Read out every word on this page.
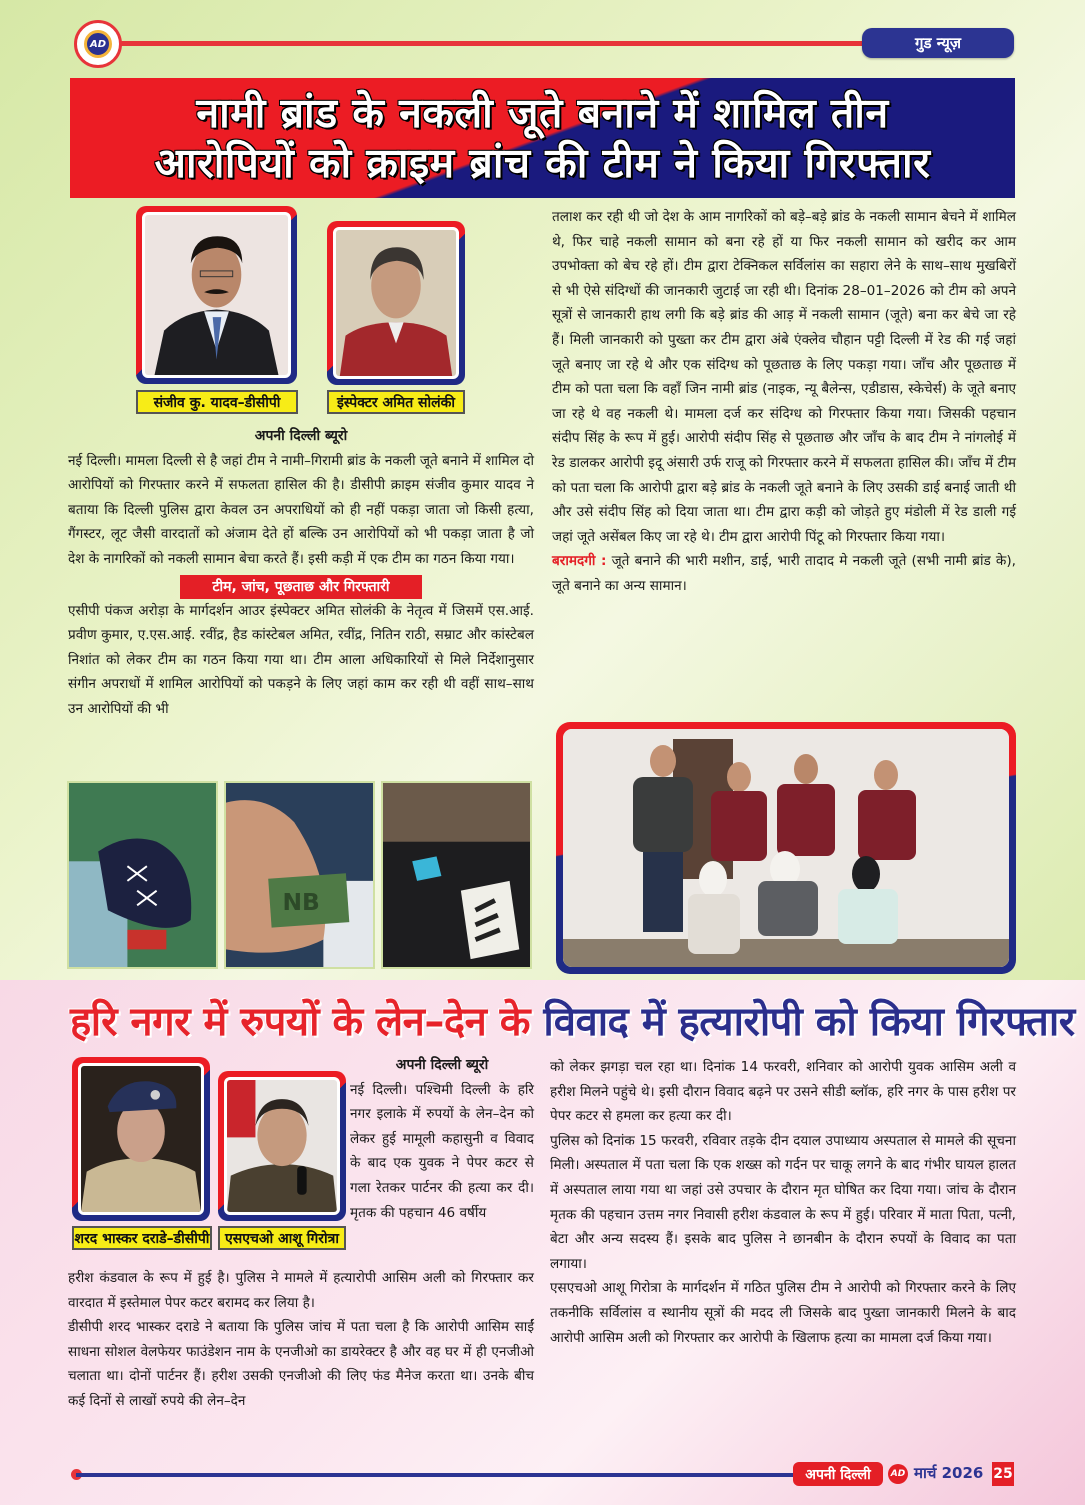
AD	गुड न्यूज़
नामी ब्रांड के नकली जूते बनाने में शामिल तीन
आरोपियों को क्राइम ब्रांच की टीम ने किया गिरफ्तार
संजीव कु. यादव–डीसीपी	इंस्पेक्टर अमित सोलंकी

अपनी दिल्ली ब्यूरो

नई दिल्ली। मामला दिल्ली से है जहां टीम ने नामी–गिरामी ब्रांड के नकली जूते बनाने में शामिल दो आरोपियों को गिरफ्तार करने में सफलता हासिल की है। डीसीपी क्राइम संजीव कुमार यादव ने बताया कि दिल्ली पुलिस द्वारा केवल उन अपराधियों को ही नहीं पकड़ा जाता जो किसी हत्या, गैंगस्टर, लूट जैसी वारदातों को अंजाम देते हों बल्कि उन आरोपियों को भी पकड़ा जाता है जो देश के नागरिकों को नकली सामान बेचा करते हैं। इसी कड़ी में एक टीम का गठन किया गया।

टीम, जांच, पूछताछ और गिरफ्तारी

एसीपी पंकज अरोड़ा के मार्गदर्शन आउर इंस्पेक्टर अमित सोलंकी के नेतृत्व में जिसमें एस.आई. प्रवीण कुमार, ए.एस.आई. रवींद्र, हैड कांस्टेबल अमित, रवींद्र, नितिन राठी, सम्राट और कांस्टेबल निशांत को लेकर टीम का गठन किया गया था। टीम आला अधिकारियों से मिले निर्देशानुसार संगीन अपराधों में शामिल आरोपियों को पकड़ने के लिए जहां काम कर रही थी वहीं साथ–साथ उन आरोपियों की भी

तलाश कर रही थी जो देश के आम नागरिकों को बड़े–बड़े ब्रांड के नकली सामान बेचने में शामिल थे, फिर चाहे नकली सामान को बना रहे हों या फिर नकली सामान को खरीद कर आम उपभोक्ता को बेच रहे हों। टीम द्वारा टेक्निकल सर्विलांस का सहारा लेने के साथ–साथ मुखबिरों से भी ऐसे संदिग्धों की जानकारी जुटाई जा रही थी। दिनांक 28–01–2026 को टीम को अपने सूत्रों से जानकारी हाथ लगी कि बड़े ब्रांड की आड़ में नकली सामान (जूते) बना कर बेचे जा रहे हैं। मिली जानकारी को पुख्ता कर टीम द्वारा अंबे एंक्लेव चौहान पट्टी दिल्ली में रेड की गई जहां जूते बनाए जा रहे थे और एक संदिग्ध को पूछताछ के लिए पकड़ा गया। जाँच और पूछताछ में टीम को पता चला कि वहाँ जिन नामी ब्रांड (नाइक, न्यू बैलेन्स, एडीडास, स्केचेर्स) के जूते बनाए जा रहे थे वह नकली थे। मामला दर्ज कर संदिग्ध को गिरफ्तार किया गया। जिसकी पहचान संदीप सिंह के रूप में हुई। आरोपी संदीप सिंह से पूछताछ और जाँच के बाद टीम ने नांगलोई में रेड डालकर आरोपी इदू अंसारी उर्फ राजू को गिरफ्तार करने में सफलता हासिल की। जाँच में टीम को पता चला कि आरोपी द्वारा बड़े ब्रांड के नकली जूते बनाने के लिए उसकी डाई बनाई जाती थी और उसे संदीप सिंह को दिया जाता था। टीम द्वारा कड़ी को जोड़ते हुए मंडोली में रेड डाली गई जहां जूते असेंबल किए जा रहे थे। टीम द्वारा आरोपी पिंटू को गिरफ्तार किया गया।

बरामदगी : जूते बनाने की भारी मशीन, डाई, भारी तादाद मे नकली जूते (सभी नामी ब्रांड के), जूते बनाने का अन्य सामान।

NB
हरि नगर में रुपयों के लेन–देन के विवाद में हत्यारोपी को किया गिरफ्तार
शरद भास्कर दराडे–डीसीपी	एसएचओ आशू गिरोत्रा

अपनी दिल्ली ब्यूरो

नई दिल्ली। पश्चिमी दिल्ली के हरि नगर इलाके में रुपयों के लेन–देन को लेकर हुई मामूली कहासुनी व विवाद के बाद एक युवक ने पेपर कटर से गला रेतकर पार्टनर की हत्या कर दी। मृतक की पहचान 46 वर्षीय

हरीश कंडवाल के रूप में हुई है। पुलिस ने मामले में हत्यारोपी आसिम अली को गिरफ्तार कर वारदात में इस्तेमाल पेपर कटर बरामद कर लिया है।

डीसीपी शरद भास्कर दराडे ने बताया कि पुलिस जांच में पता चला है कि आरोपी आसिम साईं साधना सोशल वेलफेयर फाउंडेशन नाम के एनजीओ का डायरेक्टर है और वह घर में ही एनजीओ चलाता था। दोनों पार्टनर हैं। हरीश उसकी एनजीओ की लिए फंड मैनेज करता था। उनके बीच कई दिनों से लाखों रुपये की लेन–देन

को लेकर झगड़ा चल रहा था। दिनांक 14 फरवरी, शनिवार को आरोपी युवक आसिम अली व हरीश मिलने पहुंचे थे। इसी दौरान विवाद बढ़ने पर उसने सीडी ब्लॉक, हरि नगर के पास हरीश पर पेपर कटर से हमला कर हत्या कर दी।

पुलिस को दिनांक 15 फरवरी, रविवार तड़के दीन दयाल उपाध्याय अस्पताल से मामले की सूचना मिली। अस्पताल में पता चला कि एक शख्स को गर्दन पर चाकू लगने के बाद गंभीर घायल हालत में अस्पताल लाया गया था जहां उसे उपचार के दौरान मृत घोषित कर दिया गया। जांच के दौरान मृतक की पहचान उत्तम नगर निवासी हरीश कंडवाल के रूप में हुई। परिवार में माता पिता, पत्नी, बेटा और अन्य सदस्य हैं। इसके बाद पुलिस ने छानबीन के दौरान रुपयों के विवाद का पता लगाया।

एसएचओ आशू गिरोत्रा के मार्गदर्शन में गठित पुलिस टीम ने आरोपी को गिरफ्तार करने के लिए तकनीकि सर्विलांस व स्थानीय सूत्रों की मदद ली जिसके बाद पुख्ता जानकारी मिलने के बाद आरोपी आसिम अली को गिरफ्तार कर आरोपी के खिलाफ हत्या का मामला दर्ज किया गया।

अपनी दिल्ली	AD मार्च 2026 25
